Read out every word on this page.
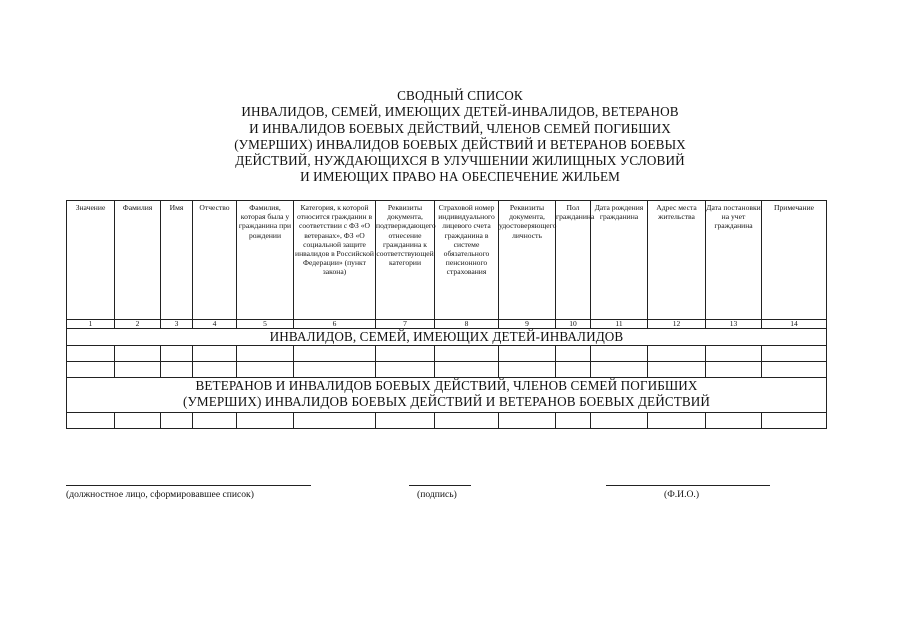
СВОДНЫЙ СПИСОК
ИНВАЛИДОВ, СЕМЕЙ, ИМЕЮЩИХ ДЕТЕЙ-ИНВАЛИДОВ, ВЕТЕРАНОВ
И ИНВАЛИДОВ БОЕВЫХ ДЕЙСТВИЙ, ЧЛЕНОВ СЕМЕЙ ПОГИБШИХ
(УМЕРШИХ) ИНВАЛИДОВ БОЕВЫХ ДЕЙСТВИЙ И ВЕТЕРАНОВ БОЕВЫХ
ДЕЙСТВИЙ, НУЖДАЮЩИХСЯ В УЛУЧШЕНИИ ЖИЛИЩНЫХ УСЛОВИЙ
И ИМЕЮЩИХ ПРАВО НА ОБЕСПЕЧЕНИЕ ЖИЛЬЕМ
Значение	Фамилия	Имя	Отчество	Фамилия, которая была у гражданина при рождении	Категория, к которой относится гражданин в соответствии с ФЗ «О ветеранах», ФЗ «О социальной защите инвалидов в Российской Федерации» (пункт закона)	Реквизиты документа, подтверждающего отнесение гражданина к соответствующей категории	Страховой номер индивидуального лицевого счета гражданина в системе обязательного пенсионного страхования	Реквизиты документа, удостоверяющего личность	Пол гражданина	Дата рождения гражданина	Адрес места жительства	Дата постановки на учет гражданина	Примечание
1	2	3	4	5	6	7	8	9	10	11	12	13	14
ИНВАЛИДОВ, СЕМЕЙ, ИМЕЮЩИХ ДЕТЕЙ-ИНВАЛИДОВ													

ВЕТЕРАНОВ И ИНВАЛИДОВ БОЕВЫХ ДЕЙСТВИЙ, ЧЛЕНОВ СЕМЕЙ ПОГИБШИХ
(УМЕРШИХ) ИНВАЛИДОВ БОЕВЫХ ДЕЙСТВИЙ И ВЕТЕРАНОВ БОЕВЫХ ДЕЙСТВИЙ													

(должностное лицо, сформировавшее список)	(подпись)	(Ф.И.О.)
